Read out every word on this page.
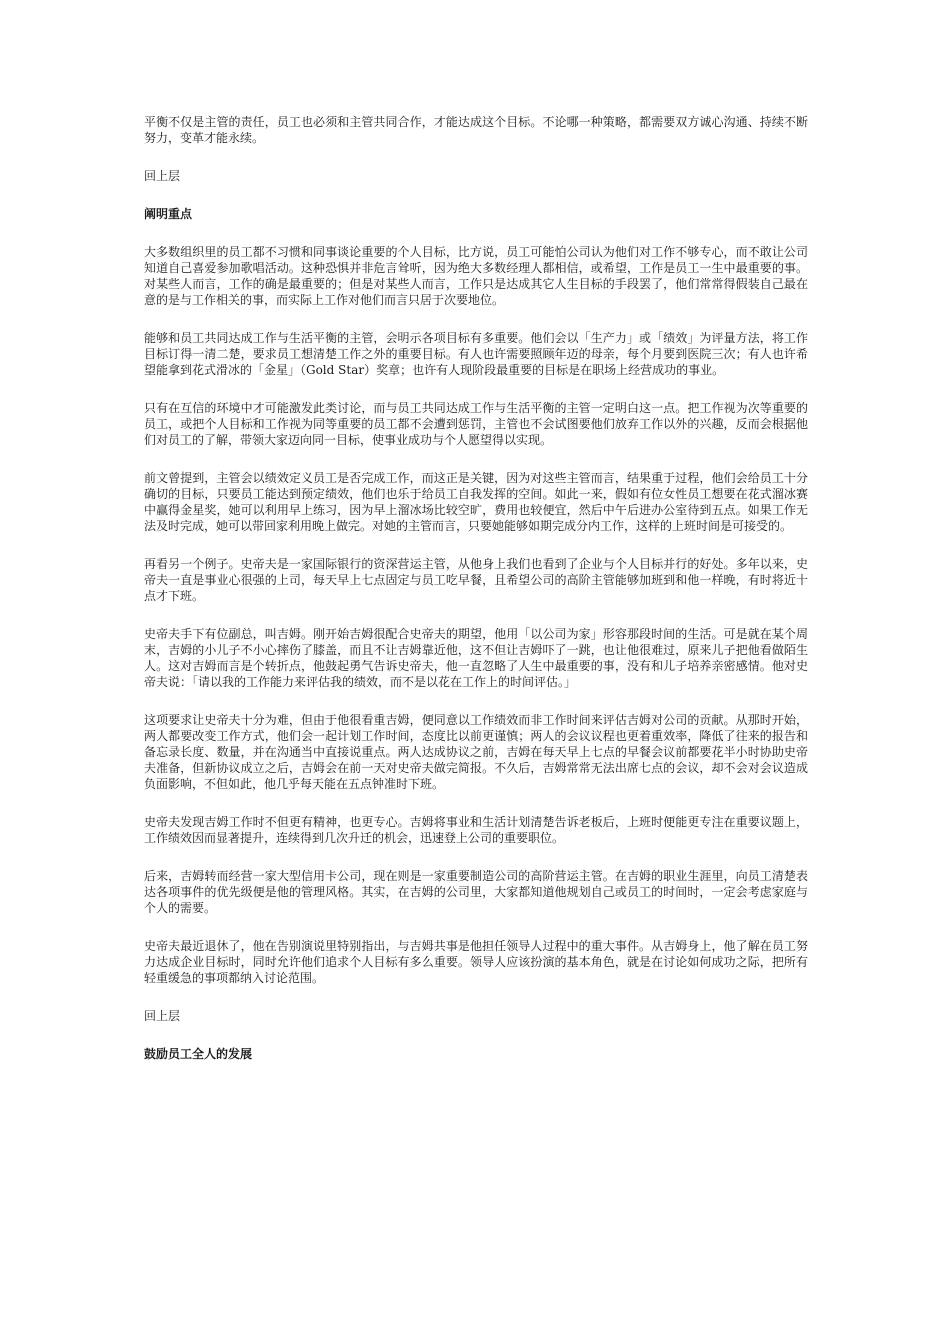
平衡不仅是主管的责任，员工也必须和主管共同合作，才能达成这个目标。不论哪一种策略，都需要双方诚心沟通、持续不断努力，变革才能永续。

回上层

阐明重点

大多数组织里的员工都不习惯和同事谈论重要的个人目标，比方说，员工可能怕公司认为他们对工作不够专心，而不敢让公司知道自己喜爱参加歌唱活动。这种恐惧并非危言耸听，因为绝大多数经理人都相信，或希望，工作是员工一生中最重要的事。对某些人而言，工作的确是最重要的；但是对某些人而言，工作只是达成其它人生目标的手段罢了，他们常常得假装自己最在意的是与工作相关的事，而实际上工作对他们而言只居于次要地位。

能够和员工共同达成工作与生活平衡的主管，会明示各项目标有多重要。他们会以「生产力」或「绩效」为评量方法，将工作目标订得一清二楚，要求员工想清楚工作之外的重要目标。有人也许需要照顾年迈的母亲，每个月要到医院三次；有人也许希望能拿到花式滑冰的「金星」（Gold Star）奖章；也许有人现阶段最重要的目标是在职场上经营成功的事业。

只有在互信的环境中才可能激发此类讨论，而与员工共同达成工作与生活平衡的主管一定明白这一点。把工作视为次等重要的员工，或把个人目标和工作视为同等重要的员工都不会遭到惩罚，主管也不会试图要他们放弃工作以外的兴趣，反而会根据他们对员工的了解，带领大家迈向同一目标，使事业成功与个人愿望得以实现。

前文曾提到，主管会以绩效定义员工是否完成工作，而这正是关键，因为对这些主管而言，结果重于过程，他们会给员工十分确切的目标，只要员工能达到预定绩效，他们也乐于给员工自我发挥的空间。如此一来，假如有位女性员工想要在花式溜冰赛中赢得金星奖，她可以利用早上练习，因为早上溜冰场比较空旷，费用也较便宜，然后中午后进办公室待到五点。如果工作无法及时完成，她可以带回家利用晚上做完。对她的主管而言，只要她能够如期完成分内工作，这样的上班时间是可接受的。

再看另一个例子。史帝夫是一家国际银行的资深营运主管，从他身上我们也看到了企业与个人目标并行的好处。多年以来，史帝夫一直是事业心很强的上司，每天早上七点固定与员工吃早餐，且希望公司的高阶主管能够加班到和他一样晚，有时将近十点才下班。

史帝夫手下有位副总，叫吉姆。刚开始吉姆很配合史帝夫的期望，他用「以公司为家」形容那段时间的生活。可是就在某个周末，吉姆的小儿子不小心摔伤了膝盖，而且不让吉姆靠近他，这不但让吉姆吓了一跳，也让他很难过，原来儿子把他看做陌生人。这对吉姆而言是个转折点，他鼓起勇气告诉史帝夫，他一直忽略了人生中最重要的事，没有和儿子培养亲密感情。他对史帝夫说：「请以我的工作能力来评估我的绩效，而不是以花在工作上的时间评估。」

这项要求让史帝夫十分为难，但由于他很看重吉姆，便同意以工作绩效而非工作时间来评估吉姆对公司的贡献。从那时开始，两人都要改变工作方式，他们会一起计划工作时间，态度比以前更谨慎；两人的会议议程也更着重效率，降低了往来的报告和备忘录长度、数量，并在沟通当中直接说重点。两人达成协议之前，吉姆在每天早上七点的早餐会议前都要花半小时协助史帝夫准备，但新协议成立之后，吉姆会在前一天对史帝夫做完简报。不久后，吉姆常常无法出席七点的会议，却不会对会议造成负面影响，不但如此，他几乎每天能在五点钟准时下班。

史帝夫发现吉姆工作时不但更有精神，也更专心。吉姆将事业和生活计划清楚告诉老板后，上班时便能更专注在重要议题上，工作绩效因而显著提升，连续得到几次升迁的机会，迅速登上公司的重要职位。

后来，吉姆转而经营一家大型信用卡公司，现在则是一家重要制造公司的高阶营运主管。在吉姆的职业生涯里，向员工清楚表达各项事件的优先级便是他的管理风格。其实，在吉姆的公司里，大家都知道他规划自己或员工的时间时，一定会考虑家庭与个人的需要。

史帝夫最近退休了，他在告别演说里特别指出，与吉姆共事是他担任领导人过程中的重大事件。从吉姆身上，他了解在员工努力达成企业目标时，同时允许他们追求个人目标有多么重要。领导人应该扮演的基本角色，就是在讨论如何成功之际，把所有轻重缓急的事项都纳入讨论范围。

回上层

鼓励员工全人的发展
